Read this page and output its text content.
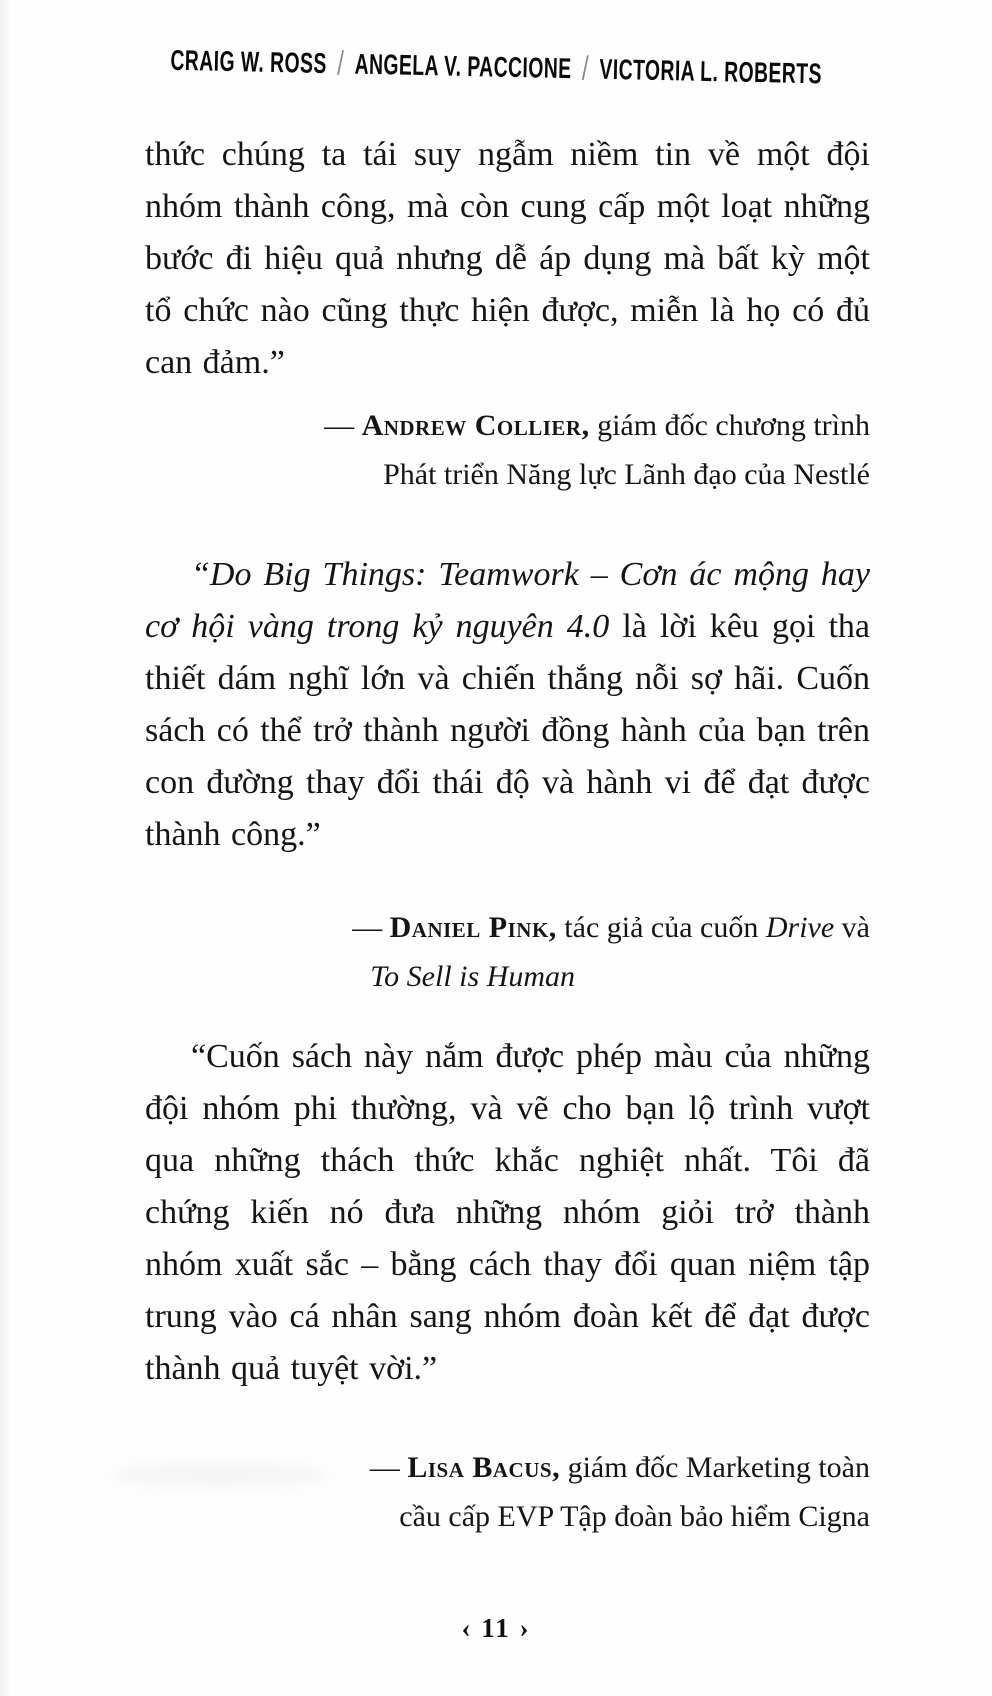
CRAIG W. ROSS / ANGELA V. PACCIONE / VICTORIA L. ROBERTS

thức chúng ta tái suy ngẫm niềm tin về một đội nhóm thành công, mà còn cung cấp một loạt những bước đi hiệu quả nhưng dễ áp dụng mà bất kỳ một tổ chức nào cũng thực hiện được, miễn là họ có đủ can đảm.”

— Andrew Collier, giám đốc chương trình
Phát triển Năng lực Lãnh đạo của Nestlé

“Do Big Things: Teamwork – Cơn ác mộng hay cơ hội vàng trong kỷ nguyên 4.0 là lời kêu gọi tha thiết dám nghĩ lớn và chiến thắng nỗi sợ hãi. Cuốn sách có thể trở thành người đồng hành của bạn trên con đường thay đổi thái độ và hành vi để đạt được thành công.”

— Daniel Pink, tác giả của cuốn Drive và
To Sell is Human

“Cuốn sách này nắm được phép màu của những đội nhóm phi thường, và vẽ cho bạn lộ trình vượt qua những thách thức khắc nghiệt nhất. Tôi đã chứng kiến nó đưa những nhóm giỏi trở thành nhóm xuất sắc – bằng cách thay đổi quan niệm tập trung vào cá nhân sang nhóm đoàn kết để đạt được thành quả tuyệt vời.”

— Lisa Bacus, giám đốc Marketing toàn
cầu cấp EVP Tập đoàn bảo hiểm Cigna
‹ 11 ›
